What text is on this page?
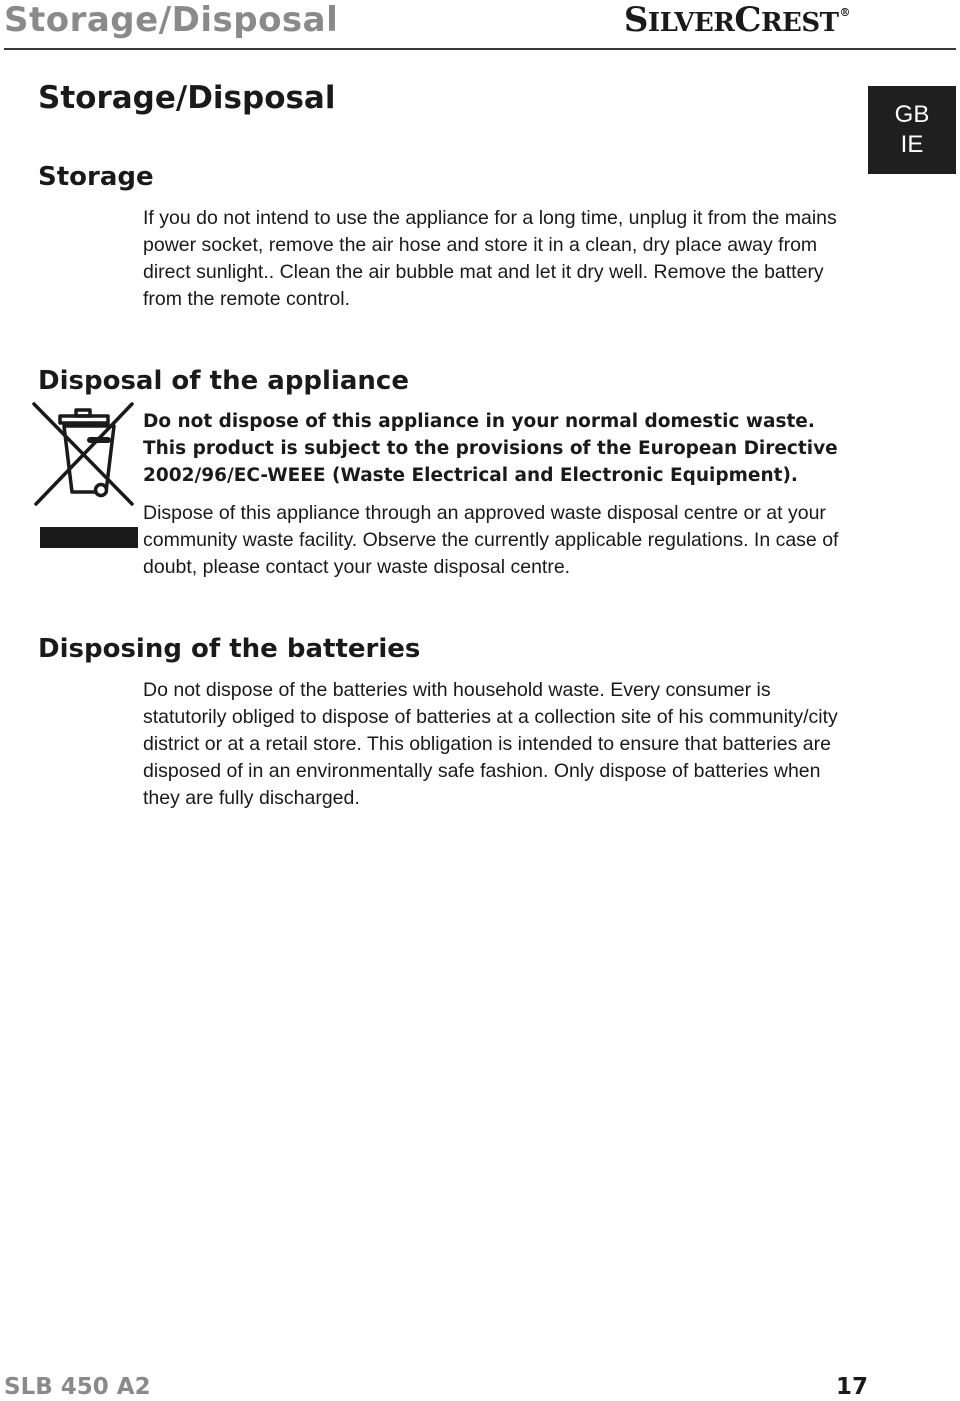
Storage/Disposal	SILVERCREST®
GB
IE
Storage/Disposal
Storage

If you do not intend to use the appliance for a long time, unplug it from the mains power socket, remove the air hose and store it in a clean, dry place away from direct sunlight.. Clean the air bubble mat and let it dry well. Remove the battery from the remote control.

Disposal of the appliance

Do not dispose of this appliance in your normal domestic waste. This product is subject to the provisions of the European Directive 2002/96/EC-WEEE (Waste Electrical and Electronic Equipment).

Dispose of this appliance through an approved waste disposal centre or at your community waste facility. Observe the currently applicable regulations. In case of doubt, please contact your waste disposal centre.

Disposing of the batteries

Do not dispose of the batteries with household waste. Every consumer is statutorily obliged to dispose of batteries at a collection site of his community/city district or at a retail store. This obligation is intended to ensure that batteries are disposed of in an environmentally safe fashion. Only dispose of batteries when they are fully discharged.

SLB 450 A2	17
